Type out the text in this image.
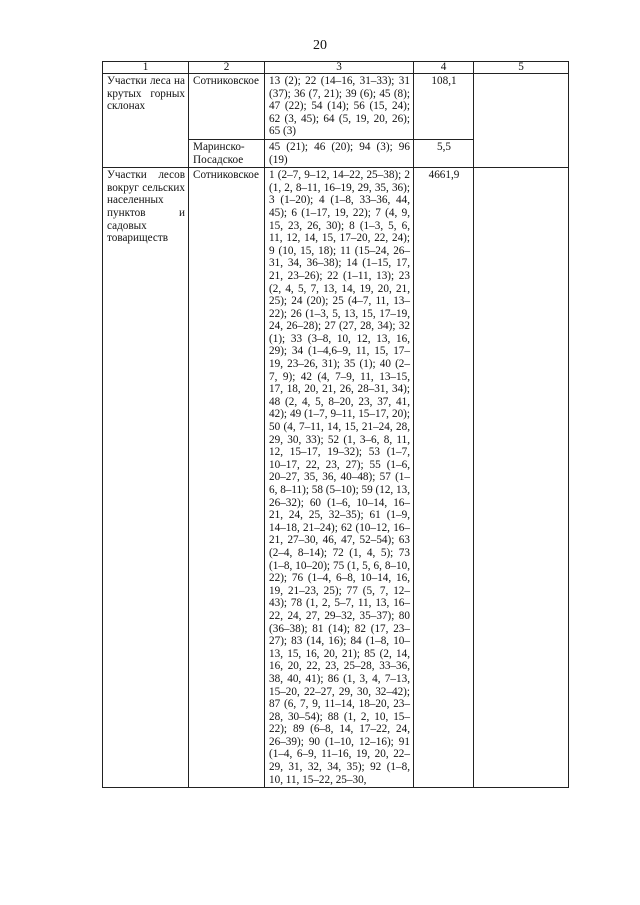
20
1	2	3	4	5
Участки леса на крутых горных склонах	Сотниковское	13 (2); 22 (14–16, 31–33); 31 (37); 36 (7, 21); 39 (6); 45 (8); 47 (22); 54 (14); 56 (15, 24); 62 (3, 45); 64 (5, 19, 20, 26); 65 (3)	108,1	
	Маринско-Посадское	45 (21); 46 (20); 94 (3); 96 (19)	5,5	
Участки лесов вокруг сельских населенных пунктов и садовых товариществ	Сотниковское	1 (2–7, 9–12, 14–22, 25–38); 2 (1, 2, 8–11, 16–19, 29, 35, 36); 3 (1–20); 4 (1–8, 33–36, 44, 45); 6 (1–17, 19, 22); 7 (4, 9, 15, 23, 26, 30); 8 (1–3, 5, 6, 11, 12, 14, 15, 17–20, 22, 24); 9 (10, 15, 18); 11 (15–24, 26–31, 34, 36–38); 14 (1–15, 17, 21, 23–26); 22 (1–11, 13); 23 (2, 4, 5, 7, 13, 14, 19, 20, 21, 25); 24 (20); 25 (4–7, 11, 13–22); 26 (1–3, 5, 13, 15, 17–19, 24, 26–28); 27 (27, 28, 34); 32 (1); 33 (3–8, 10, 12, 13, 16, 29); 34 (1–4,6–9, 11, 15, 17–19, 23–26, 31); 35 (1); 40 (2–7, 9); 42 (4, 7–9, 11, 13–15, 17, 18, 20, 21, 26, 28–31, 34); 48 (2, 4, 5, 8–20, 23, 37, 41, 42); 49 (1–7, 9–11, 15–17, 20); 50 (4, 7–11, 14, 15, 21–24, 28, 29, 30, 33); 52 (1, 3–6, 8, 11, 12, 15–17, 19–32); 53 (1–7, 10–17, 22, 23, 27); 55 (1–6, 20–27, 35, 36, 40–48); 57 (1–6, 8–11); 58 (5–10); 59 (12, 13, 26–32); 60 (1–6, 10–14, 16–21, 24, 25, 32–35); 61 (1–9, 14–18, 21–24); 62 (10–12, 16–21, 27–30, 46, 47, 52–54); 63 (2–4, 8–14); 72 (1, 4, 5); 73 (1–8, 10–20); 75 (1, 5, 6, 8–10, 22); 76 (1–4, 6–8, 10–14, 16, 19, 21–23, 25); 77 (5, 7, 12–43); 78 (1, 2, 5–7, 11, 13, 16–22, 24, 27, 29–32, 35–37); 80 (36–38); 81 (14); 82 (17, 23–27); 83 (14, 16); 84 (1–8, 10–13, 15, 16, 20, 21); 85 (2, 14, 16, 20, 22, 23, 25–28, 33–36, 38, 40, 41); 86 (1, 3, 4, 7–13, 15–20, 22–27, 29, 30, 32–42); 87 (6, 7, 9, 11–14, 18–20, 23–28, 30–54); 88 (1, 2, 10, 15–22); 89 (6–8, 14, 17–22, 24, 26–39); 90 (1–10, 12–16); 91 (1–4, 6–9, 11–16, 19, 20, 22–29, 31, 32, 34, 35); 92 (1–8, 10, 11, 15–22, 25–30,	4661,9	
